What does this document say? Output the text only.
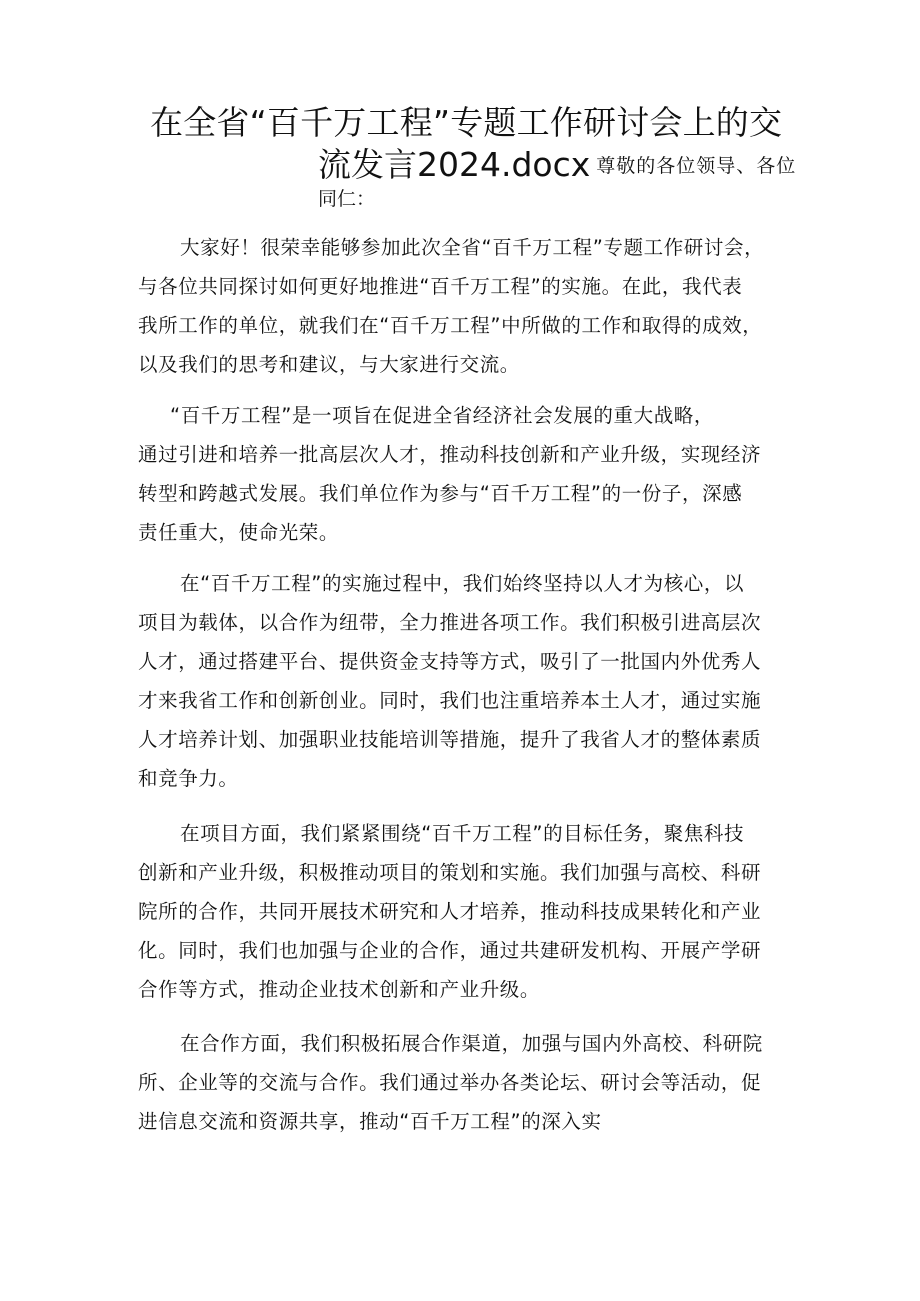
在全省“百千万工程”专题工作研讨会上的交
流发言2024.docx 尊敬的各位领导、各位
同仁：
大家好！很荣幸能够参加此次全省“百千万工程”专题工作研讨会，
与各位共同探讨如何更好地推进“百千万工程”的实施。在此，我代表
我所工作的单位，就我们在“百千万工程”中所做的工作和取得的成效，
以及我们的思考和建议，与大家进行交流。
“百千万工程”是一项旨在促进全省经济社会发展的重大战略，
通过引进和培养一批高层次人才，推动科技创新和产业升级，实现经济
转型和跨越式发展。我们单位作为参与“百千万工程”的一份子，深感
责任重大，使命光荣。
在“百千万工程”的实施过程中，我们始终坚持以人才为核心，以
项目为载体，以合作为纽带，全力推进各项工作。我们积极引进高层次
人才，通过搭建平台、提供资金支持等方式，吸引了一批国内外优秀人
才来我省工作和创新创业。同时，我们也注重培养本土人才，通过实施
人才培养计划、加强职业技能培训等措施，提升了我省人才的整体素质
和竞争力。
在项目方面，我们紧紧围绕“百千万工程”的目标任务，聚焦科技
创新和产业升级，积极推动项目的策划和实施。我们加强与高校、科研
院所的合作，共同开展技术研究和人才培养，推动科技成果转化和产业
化。同时，我们也加强与企业的合作，通过共建研发机构、开展产学研
合作等方式，推动企业技术创新和产业升级。
在合作方面，我们积极拓展合作渠道，加强与国内外高校、科研院
所、企业等的交流与合作。我们通过举办各类论坛、研讨会等活动，促
进信息交流和资源共享，推动“百千万工程”的深入实
